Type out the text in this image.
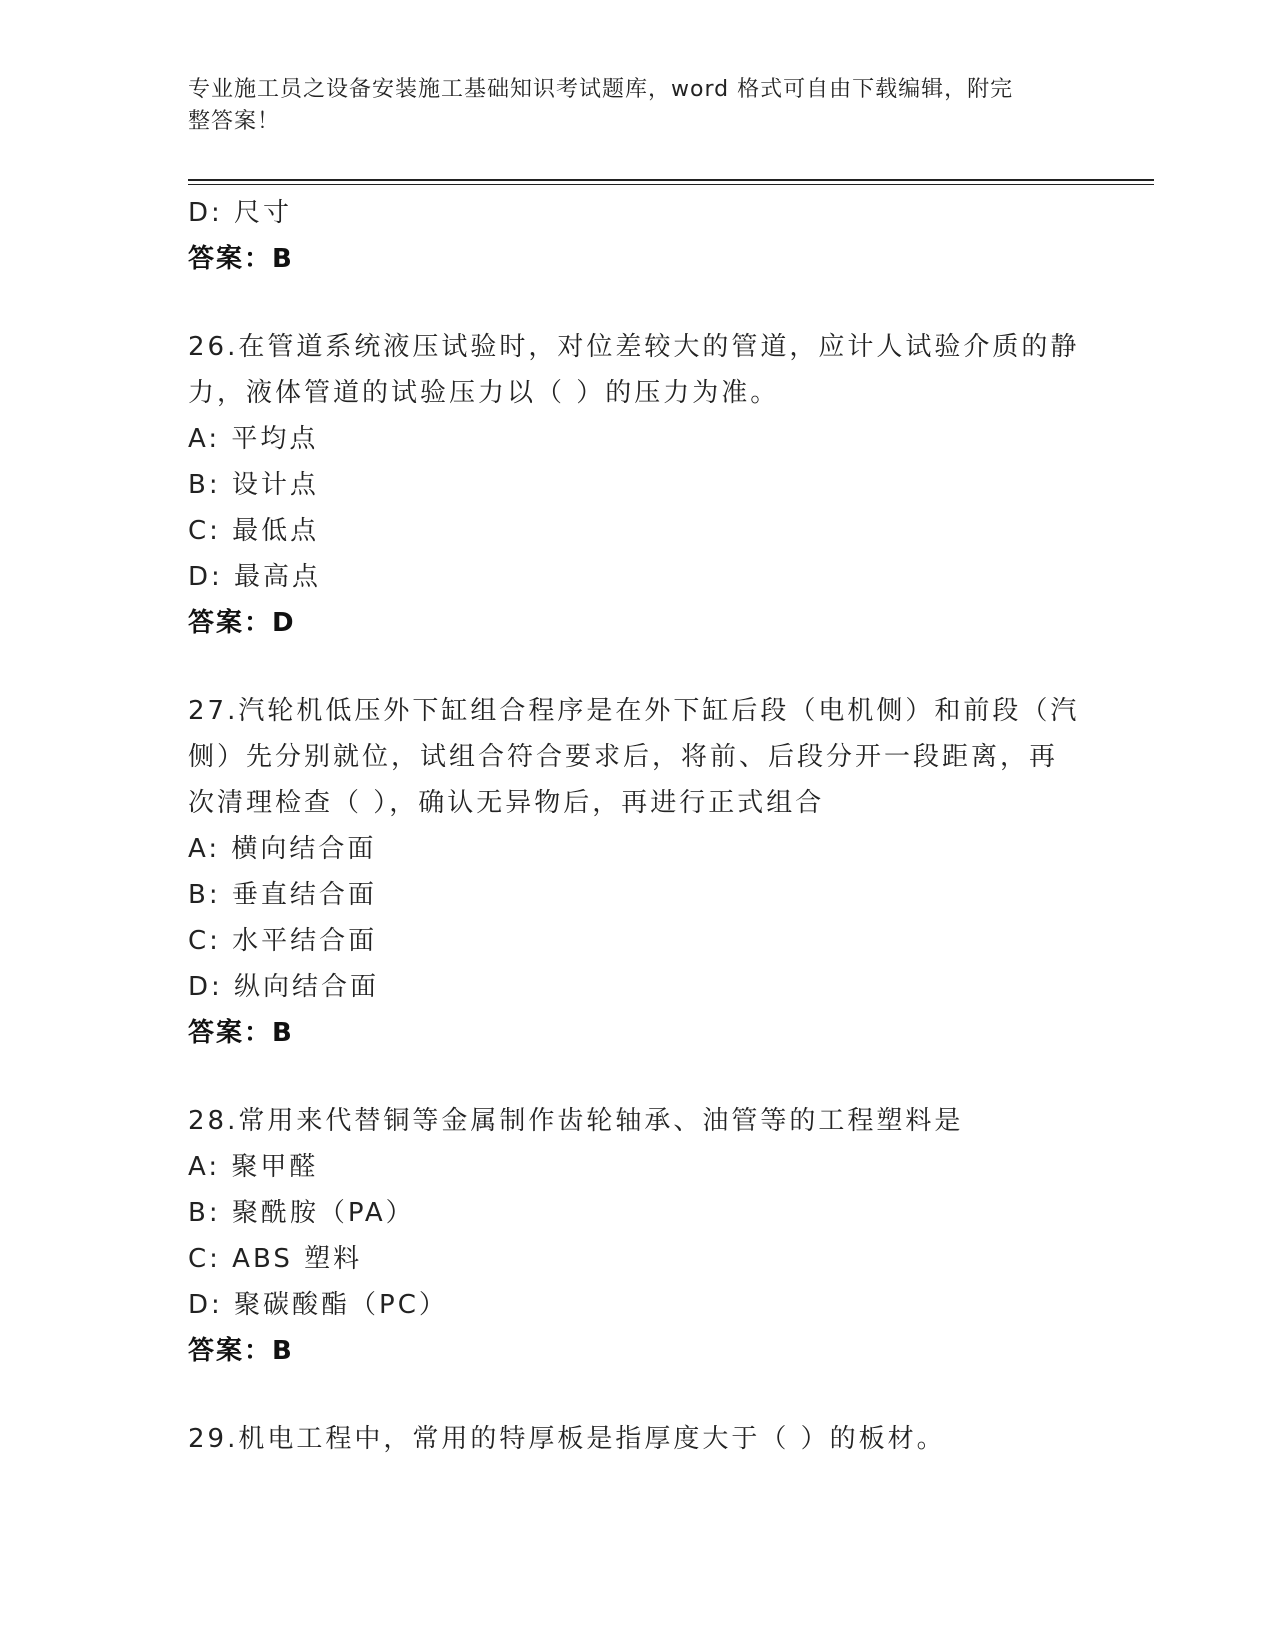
专业施工员之设备安装施工基础知识考试题库，word 格式可自由下载编辑，附完
整答案！
D: 尺寸
答案：B
26.在管道系统液压试验时，对位差较大的管道，应计人试验介质的静
力，液体管道的试验压力以（ ）的压力为准。
A: 平均点
B: 设计点
C: 最低点
D: 最高点
答案：D
27.汽轮机低压外下缸组合程序是在外下缸后段（电机侧）和前段（汽
侧）先分别就位，试组合符合要求后，将前、后段分开一段距离，再
次清理检查（ ），确认无异物后，再进行正式组合
A: 横向结合面
B: 垂直结合面
C: 水平结合面
D: 纵向结合面
答案：B
28.常用来代替铜等金属制作齿轮轴承、油管等的工程塑料是
A: 聚甲醛
B: 聚酰胺（PA）
C: ABS 塑料
D: 聚碳酸酯（PC）
答案：B
29.机电工程中，常用的特厚板是指厚度大于（ ）的板材。
